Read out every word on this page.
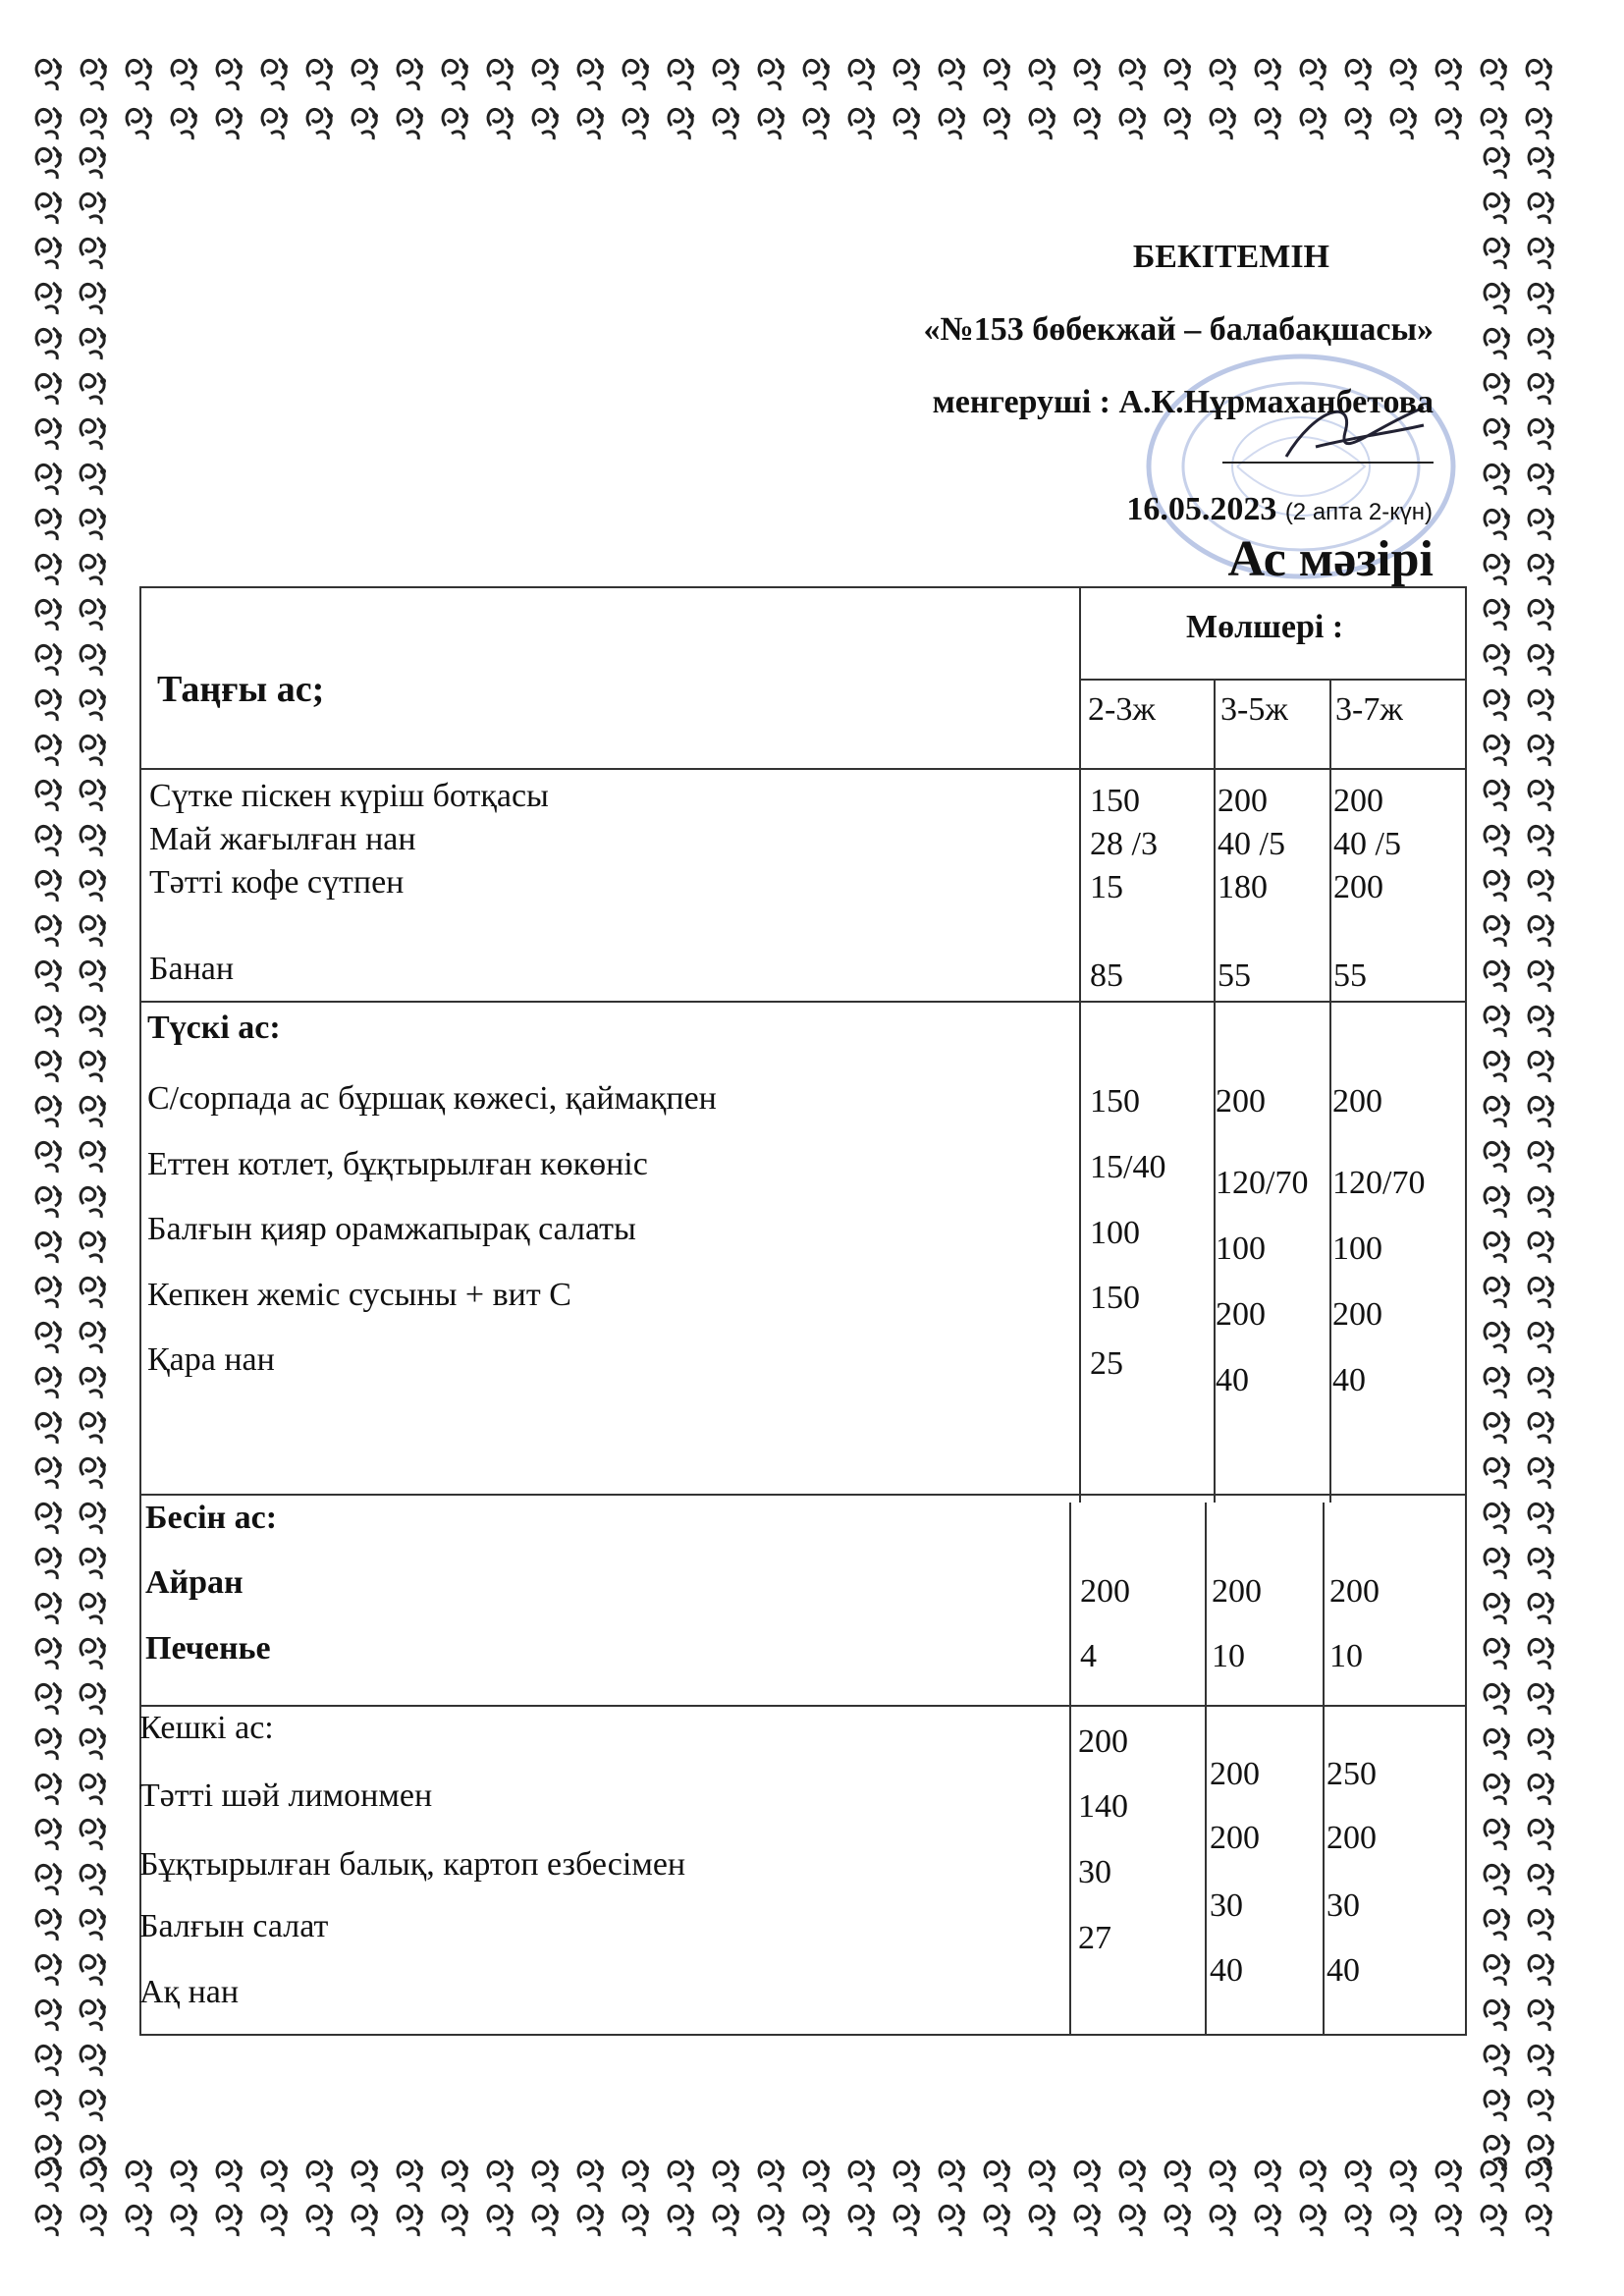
БЕКІТЕМІН
«№153 бөбекжай – балабақшасы»
менгеруші : А.К.Нұрмаханбетова
16.05.2023 (2 апта 2-күн)
Ас мәзірі
Таңғы ас;
Мөлшері :
2-3ж 3-5ж 3-7ж
Сүтке піскен күріш ботқасы
Май жағылған нан
Тәтті кофе сүтпен
Банан
150
28 /3
15
85
200
40 /5
180
55
200
40 /5
200
55
Түскі ас:
С/сорпада ас бұршақ көжесі, қаймақпен
Еттен котлет, бұқтырылған көкөніс
Балғын қияр орамжапырақ салаты
Кепкен жеміс сусыны + вит С
Қара нан
150
15/40
100
150
25
200
120/70
100
200
40
200
120/70
100
200
40
Бесін ас:
Айран
Печенье
200
4
200
10
200
10
Кешкі ас:
Тәтті шәй лимонмен
Бұқтырылған балық, картоп езбесімен
Балғын салат
Ақ нан
200
140
30
27
200
200
30
40
250
200
30
40
